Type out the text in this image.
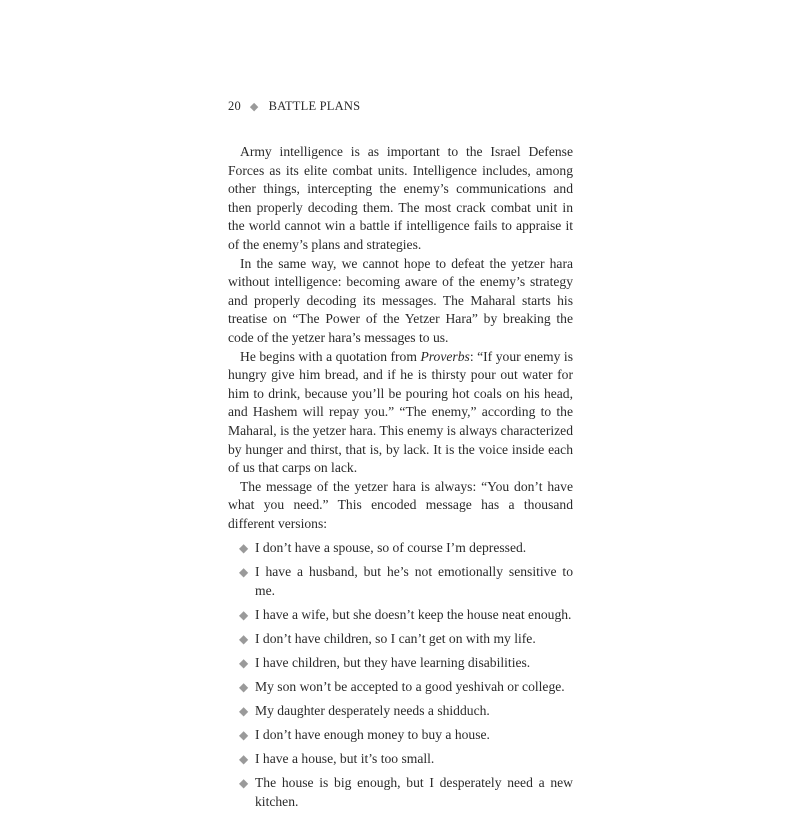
20 ◆ BATTLE PLANS

Army intelligence is as important to the Israel Defense Forces as its elite combat units. Intelligence includes, among other things, intercepting the enemy’s communications and then properly decoding them. The most crack combat unit in the world cannot win a battle if intelligence fails to appraise it of the enemy’s plans and strategies.

In the same way, we cannot hope to defeat the yetzer hara without intelligence: becoming aware of the enemy’s strategy and properly decoding its messages. The Maharal starts his treatise on “The Power of the Yetzer Hara” by breaking the code of the yetzer hara’s messages to us.

He begins with a quotation from Proverbs: “If your enemy is hungry give him bread, and if he is thirsty pour out water for him to drink, because you’ll be pouring hot coals on his head, and Hashem will repay you.” “The enemy,” according to the Maharal, is the yetzer hara. This enemy is always characterized by hunger and thirst, that is, by lack. It is the voice inside each of us that carps on lack.

The message of the yetzer hara is always: “You don’t have what you need.” This encoded message has a thousand different versions:

◆ I don’t have a spouse, so of course I’m depressed.
◆ I have a husband, but he’s not emotionally sensitive to me.
◆ I have a wife, but she doesn’t keep the house neat enough.
◆ I don’t have children, so I can’t get on with my life.
◆ I have children, but they have learning disabilities.
◆ My son won’t be accepted to a good yeshivah or college.
◆ My daughter desperately needs a shidduch.
◆ I don’t have enough money to buy a house.
◆ I have a house, but it’s too small.
◆ The house is big enough, but I desperately need a new kitchen.
